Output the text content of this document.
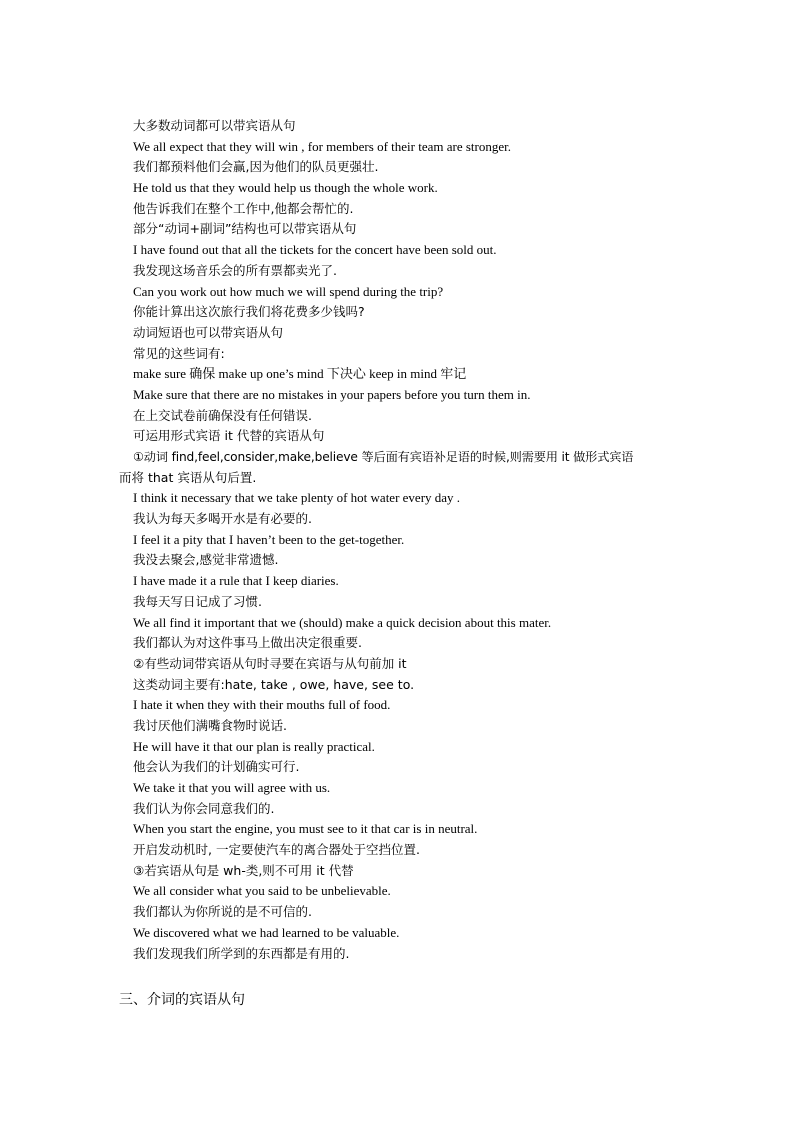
大多数动词都可以带宾语从句
We all expect that they will win , for members of their team are stronger.
我们都预料他们会赢,因为他们的队员更强壮.
He told us that they would help us though the whole work.
他告诉我们在整个工作中,他都会帮忙的.
部分“动词+副词”结构也可以带宾语从句
I have found out that all the tickets for the concert have been sold out.
我发现这场音乐会的所有票都卖光了.
Can you work out how much we will spend during the trip?
你能计算出这次旅行我们将花费多少钱吗?
动词短语也可以带宾语从句
常见的这些词有:
make sure 确保 make up one’s mind 下决心 keep in mind 牢记
Make sure that there are no mistakes in your papers before you turn them in.
在上交试卷前确保没有任何错误.
可运用形式宾语 it 代替的宾语从句
①动词 find,feel,consider,make,believe 等后面有宾语补足语的时候,则需要用 it 做形式宾语
而将 that 宾语从句后置.
I think it necessary that we take plenty of hot water every day .
我认为每天多喝开水是有必要的.
I feel it a pity that I haven’t been to the get-together.
我没去聚会,感觉非常遗憾.
I have made it a rule that I keep diaries.
我每天写日记成了习惯.
We all find it important that we (should) make a quick decision about this mater.
我们都认为对这件事马上做出决定很重要.
②有些动词带宾语从句时寻要在宾语与从句前加 it
这类动词主要有:hate, take , owe, have, see to.
I hate it when they with their mouths full of food.
我讨厌他们满嘴食物时说话.
He will have it that our plan is really practical.
他会认为我们的计划确实可行.
We take it that you will agree with us.
我们认为你会同意我们的.
When you start the engine, you must see to it that car is in neutral.
开启发动机时, 一定要使汽车的离合器处于空挡位置.
③若宾语从句是 wh-类,则不可用 it 代替
We all consider what you said to be unbelievable.
我们都认为你所说的是不可信的.
We discovered what we had learned to be valuable.
我们发现我们所学到的东西都是有用的.
三、介词的宾语从句
